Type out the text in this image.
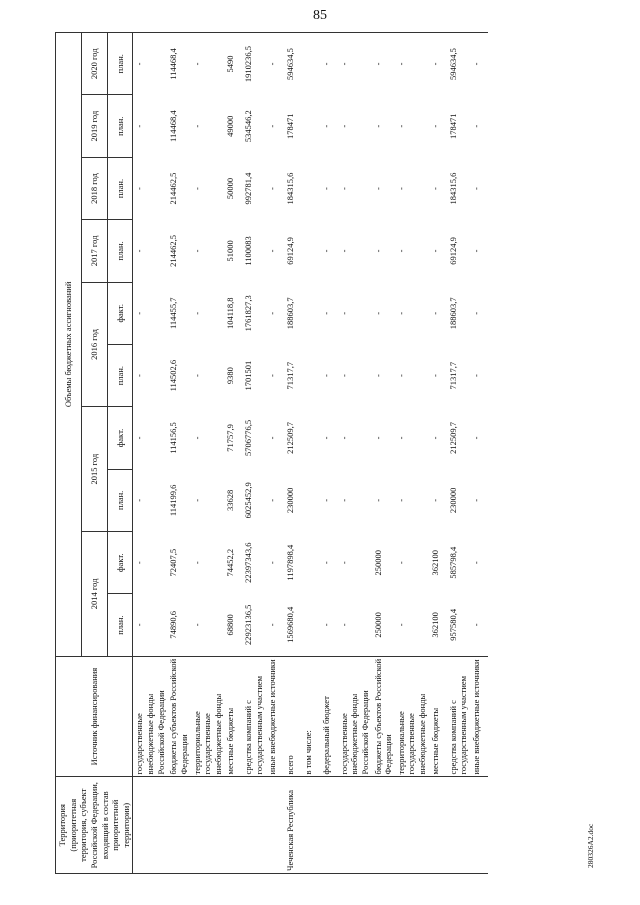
85
Территория (приоритетная территория, субъект Российской Федерации, входящий в состав приоритетной территории)	Источник финансирования	Объемы бюджетных ассигнований									
		2014 год		2015 год		2016 год		2017 год	2018 год	2019 год	2020 год
		план.	факт.	план.	факт.	план.	факт.	план.	план.	план.	план.
	государственные внебюджетные фонды Российской Федерации	-	-	-	-	-	-	-	-	-	-
	бюджеты субъектов Российской Федерации	74890,6	72407,5	114199,6	114156,5	114502,6	114455,7	214462,5	214462,5	114468,4	114468,4
	территориальные государственные внебюджетные фонды	-	-	-	-	-	-	-	-	-	-
	местные бюджеты	68800	74452,2	33628	71757,9	9380	104118,8	51000	50000	49000	5490
	средства компаний с государственным участием	22923136,5	22397343,6	6025452,9	5706776,5	1701501	1761827,3	1100083	992781,4	534546,2	1910236,5
	иные внебюджетные источники	-	-	-	-	-	-	-	-	-	-
Чеченская Республика	всего	1569680,4	1197898,4	230000	212509,7	71317,7	188603,7	69124,9	184315,6	178471	594634,5
	в том числе:										
	федеральный бюджет	-	-	-	-	-	-	-	-	-	-
	государственные внебюджетные фонды Российской Федерации	-	-	-	-	-	-	-	-	-	-
	бюджеты субъектов Российской Федерации	250000	250000	-	-	-	-	-	-	-	-
	территориальные государственные внебюджетные фонды	-	-	-	-	-	-	-	-	-	-
	местные бюджеты	362100	362100	-	-	-	-	-	-	-	-
	средства компаний с государственным участием	957580,4	585798,4	230000	212509,7	71317,7	188603,7	69124,9	184315,6	178471	594634,5
	иные внебюджетные источники	-	-	-	-	-	-	-	-	-	-
280326А2.doc
